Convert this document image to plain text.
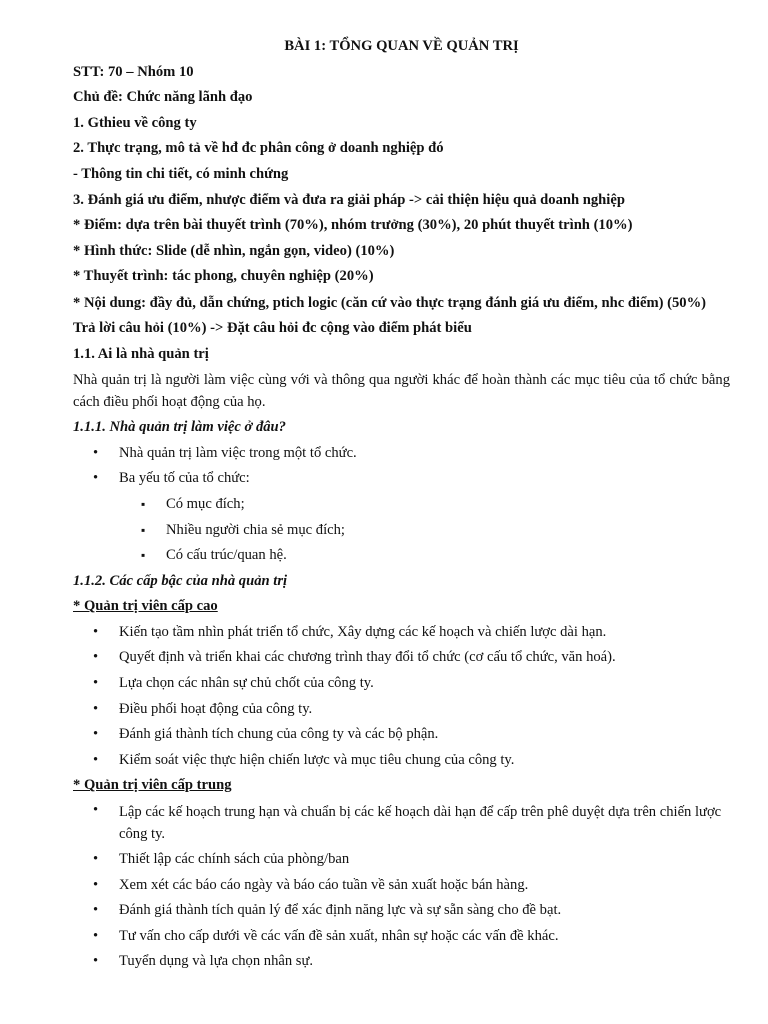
BÀI 1: TỔNG QUAN VỀ QUẢN TRỊ

STT: 70 – Nhóm 10

Chủ đề: Chức năng lãnh đạo

1. Gthieu về công ty

2. Thực trạng, mô tả về hđ đc phân công ở doanh nghiệp đó

- Thông tin chi tiết, có minh chứng

3. Đánh giá ưu điểm, nhược điểm và đưa ra giải pháp -> cải thiện hiệu quả doanh nghiệp

* Điểm: dựa trên bài thuyết trình (70%), nhóm trưởng (30%), 20 phút thuyết trình (10%)

* Hình thức: Slide (dễ nhìn, ngắn gọn, video) (10%)

* Thuyết trình: tác phong, chuyên nghiệp (20%)

* Nội dung: đầy đủ, dẫn chứng, ptich logic (căn cứ vào thực trạng đánh giá ưu điểm, nhc điểm) (50%)

Trả lời câu hỏi (10%) -> Đặt câu hỏi đc cộng vào điểm phát biểu

1.1. Ai là nhà quản trị

Nhà quản trị là người làm việc cùng với và thông qua người khác để hoàn thành các mục tiêu của tổ chức bằng cách điều phối hoạt động của họ.

1.1.1. Nhà quản trị làm việc ở đâu?

• Nhà quản trị làm việc trong một tổ chức.
• Ba yếu tố của tổ chức:
▪ Có mục đích;
▪ Nhiều người chia sẻ mục đích;
▪ Có cấu trúc/quan hệ.

1.1.2. Các cấp bậc của nhà quản trị

* Quản trị viên cấp cao

• Kiến tạo tầm nhìn phát triển tổ chức, Xây dựng các kế hoạch và chiến lược dài hạn.
• Quyết định và triển khai các chương trình thay đổi tổ chức (cơ cấu tổ chức, văn hoá).
• Lựa chọn các nhân sự chủ chốt của công ty.
• Điều phối hoạt động của công ty.
• Đánh giá thành tích chung của công ty và các bộ phận.
• Kiểm soát việc thực hiện chiến lược và mục tiêu chung của công ty.

* Quản trị viên cấp trung

• Lập các kế hoạch trung hạn và chuẩn bị các kế hoạch dài hạn để cấp trên phê duyệt dựa trên chiến lược công ty.
• Thiết lập các chính sách của phòng/ban
• Xem xét các báo cáo ngày và báo cáo tuần về sản xuất hoặc bán hàng.
• Đánh giá thành tích quản lý để xác định năng lực và sự sẵn sàng cho đề bạt.
• Tư vấn cho cấp dưới về các vấn đề sản xuất, nhân sự hoặc các vấn đề khác.
• Tuyển dụng và lựa chọn nhân sự.
